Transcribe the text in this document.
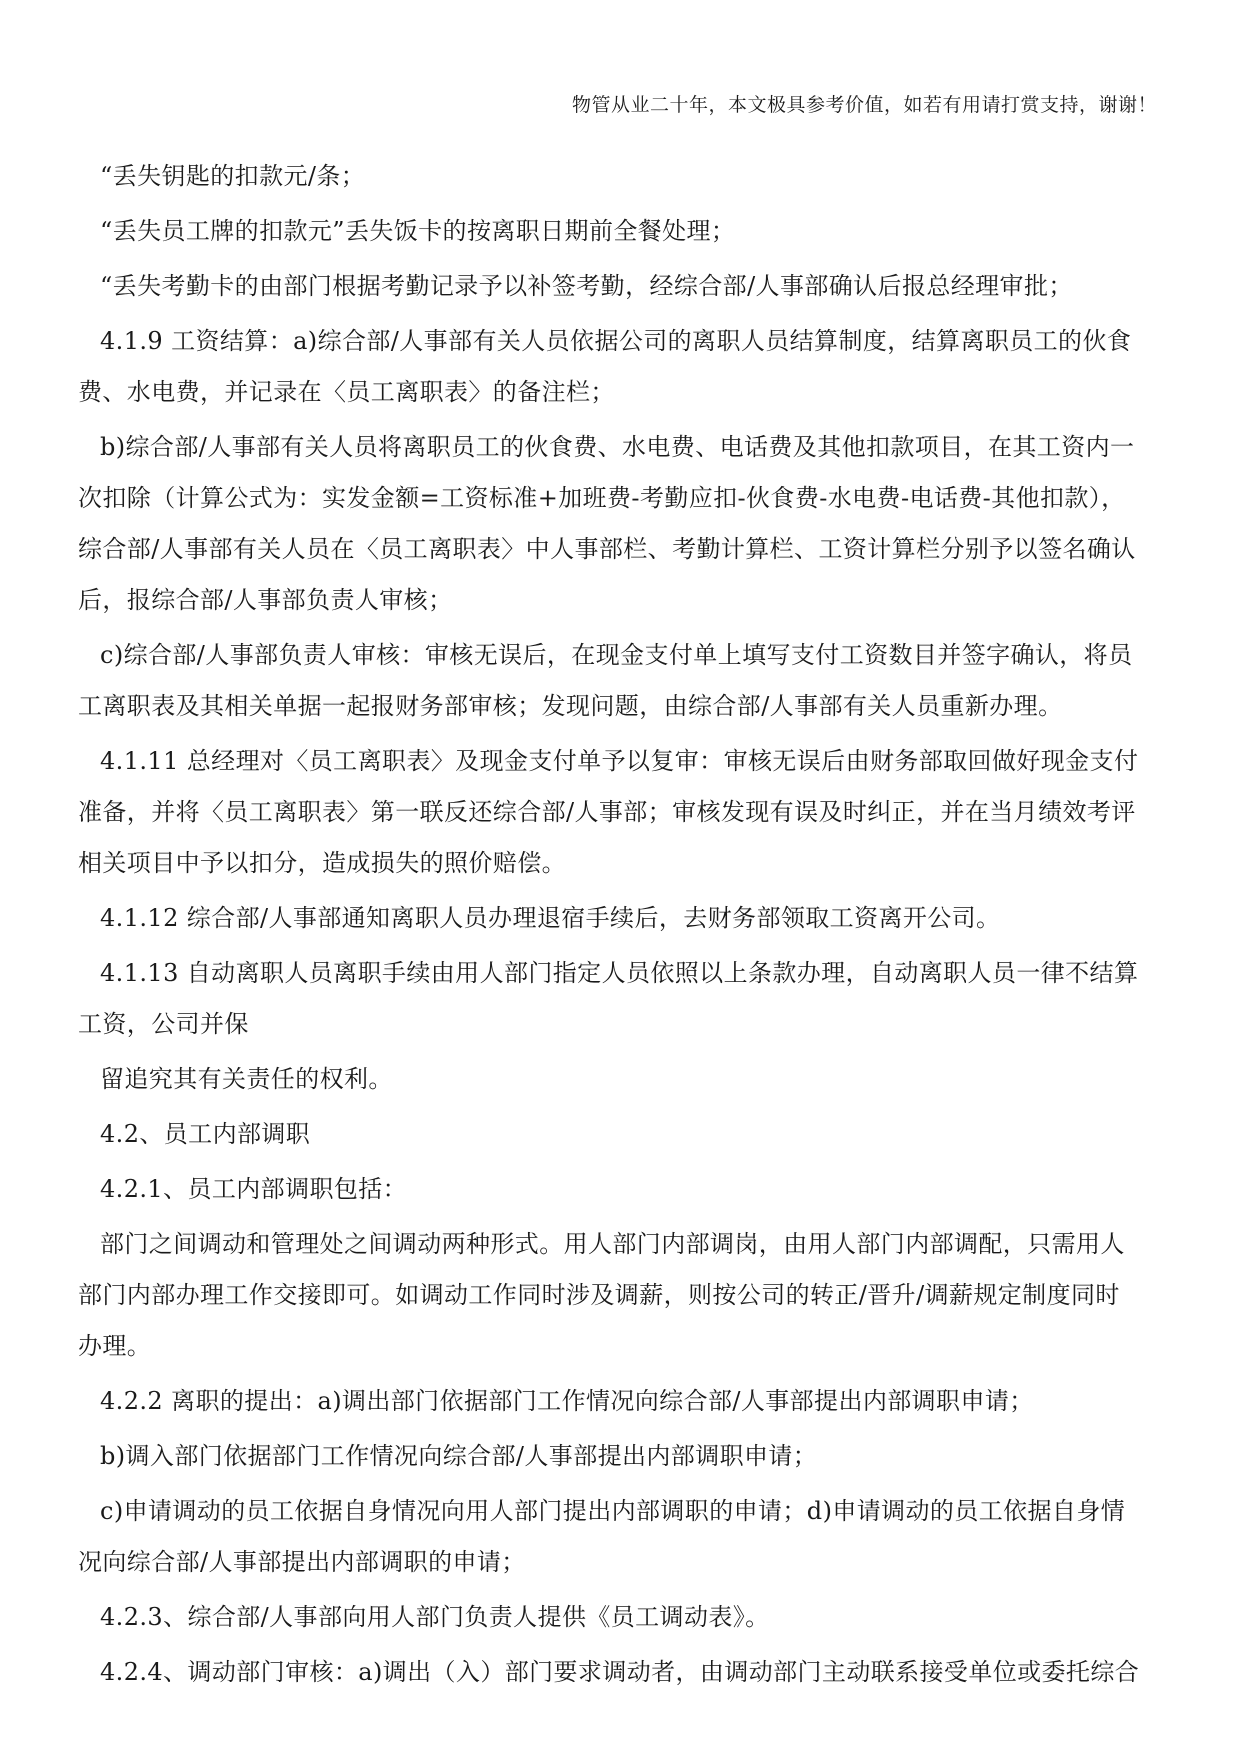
物管从业二十年，本文极具参考价值，如若有用请打赏支持，谢谢！
“丢失钥匙的扣款元/条；
“丢失员工牌的扣款元”丢失饭卡的按离职日期前全餐处理；
“丢失考勤卡的由部门根据考勤记录予以补签考勤，经综合部/人事部确认后报总经理审批；
4.1.9 工资结算：a)综合部/人事部有关人员依据公司的离职人员结算制度，结算离职员工的伙食
费、水电费，并记录在〈员工离职表〉的备注栏；
b)综合部/人事部有关人员将离职员工的伙食费、水电费、电话费及其他扣款项目，在其工资内一
次扣除（计算公式为：实发金额=工资标准+加班费-考勤应扣-伙食费-水电费-电话费-其他扣款），
综合部/人事部有关人员在〈员工离职表〉中人事部栏、考勤计算栏、工资计算栏分别予以签名确认
后，报综合部/人事部负责人审核；
c)综合部/人事部负责人审核：审核无误后，在现金支付单上填写支付工资数目并签字确认，将员
工离职表及其相关单据一起报财务部审核；发现问题，由综合部/人事部有关人员重新办理。
4.1.11 总经理对〈员工离职表〉及现金支付单予以复审：审核无误后由财务部取回做好现金支付
准备，并将〈员工离职表〉第一联反还综合部/人事部；审核发现有误及时纠正，并在当月绩效考评
相关项目中予以扣分，造成损失的照价赔偿。
4.1.12 综合部/人事部通知离职人员办理退宿手续后，去财务部领取工资离开公司。
4.1.13 自动离职人员离职手续由用人部门指定人员依照以上条款办理，自动离职人员一律不结算
工资，公司并保
留追究其有关责任的权利。
4.2、员工内部调职
4.2.1、员工内部调职包括：
部门之间调动和管理处之间调动两种形式。用人部门内部调岗，由用人部门内部调配，只需用人
部门内部办理工作交接即可。如调动工作同时涉及调薪，则按公司的转正/晋升/调薪规定制度同时
办理。
4.2.2 离职的提出：a)调出部门依据部门工作情况向综合部/人事部提出内部调职申请；
b)调入部门依据部门工作情况向综合部/人事部提出内部调职申请；
c)申请调动的员工依据自身情况向用人部门提出内部调职的申请；d)申请调动的员工依据自身情
况向综合部/人事部提出内部调职的申请；
4.2.3、综合部/人事部向用人部门负责人提供《员工调动表》。
4.2.4、调动部门审核：a)调出（入）部门要求调动者，由调动部门主动联系接受单位或委托综合
